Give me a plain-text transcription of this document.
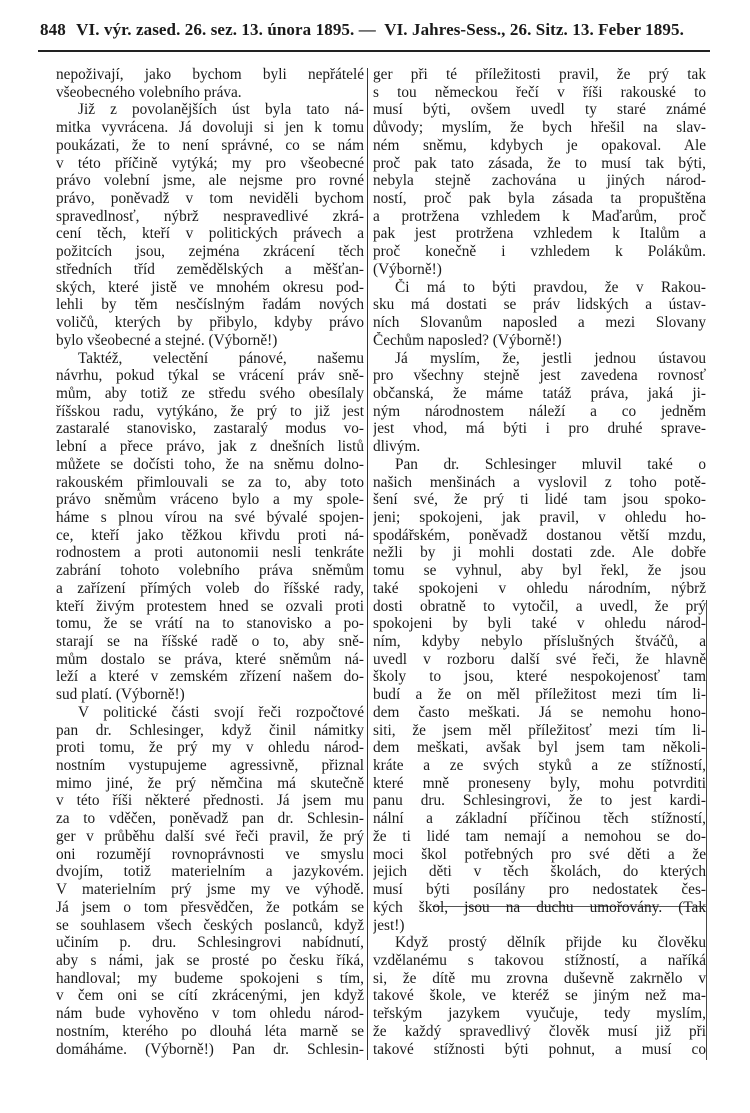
848 VI. výr. zased. 26. sez. 13. února 1895. — VI. Jahres-Sess., 26. Sitz. 13. Feber 1895.
nepoživají, jako bychom byli nepřátelé
všeobecného volebního práva.
Již z povolanějších úst byla tato ná-
mitka vyvrácena. Já dovoluji si jen k tomu
poukázati, že to není správné, co se nám
v této příčině vytýká; my pro všeobecné
právo volební jsme, ale nejsme pro rovné
právo, poněvadž v tom neviděli bychom
spravedlnosť, nýbrž nespravedlivé zkrá-
cení těch, kteří v politických právech a
požitcích jsou, zejména zkrácení těch
středních tříd zemědělských a měšťan-
ských, které jistě ve mnohém okresu pod-
lehli by těm nesčíslným řadám nových
voličů, kterých by přibylo, kdyby právo
bylo všeobecné a stejné. (Výborně!)
Taktéž, velectění pánové, našemu
návrhu, pokud týkal se vrácení práv sně-
mům, aby totiž ze středu svého obesílaly
říšskou radu, vytýkáno, že prý to již jest
zastaralé stanovisko, zastaralý modus vo-
lební a přece právo, jak z dnešních listů
můžete se dočísti toho, že na sněmu dolno-
rakouském přimlouvali se za to, aby toto
právo sněmům vráceno bylo a my spole-
háme s plnou vírou na své bývalé spojen-
ce, kteří jako těžkou křivdu proti ná-
rodnostem a proti autonomii nesli tenkráte
zabrání tohoto volebního práva sněmům
a zařízení přímých voleb do říšské rady,
kteří živým protestem hned se ozvali proti
tomu, že se vrátí na to stanovisko a po-
starají se na říšské radě o to, aby sně-
mům dostalo se práva, které sněmům ná-
leží a které v zemském zřízení našem do-
sud platí. (Výborně!)
V politické části svojí řeči rozpočtové
pan dr. Schlesinger, když činil námitky
proti tomu, že prý my v ohledu národ-
nostním vystupujeme agressivně, přiznal
mimo jiné, že prý němčina má skutečně
v této říši některé přednosti. Já jsem mu
za to vděčen, poněvadž pan dr. Schlesin-
ger v průběhu další své řeči pravil, že prý
oni rozumějí rovnoprávnosti ve smyslu
dvojím, totiž materielním a jazykovém.
V materielním prý jsme my ve výhodě.
Já jsem o tom přesvědčen, že potkám se
se souhlasem všech českých poslanců, když
učiním p. dru. Schlesingrovi nabídnutí,
aby s námi, jak se prosté po česku říká,
handloval; my budeme spokojeni s tím,
v čem oni se cítí zkrácenými, jen když
nám bude vyhověno v tom ohledu národ-
nostním, kterého po dlouhá léta marně se
domáháme. (Výborně!) Pan dr. Schlesin-
ger při té příležitosti pravil, že prý tak
s tou německou řečí v říši rakouské to
musí býti, ovšem uvedl ty staré známé
důvody; myslím, že bych hřešil na slav-
ném sněmu, kdybych je opakoval. Ale
proč pak tato zásada, že to musí tak býti,
nebyla stejně zachována u jiných národ-
ností, proč pak byla zásada ta propuštěna
a protržena vzhledem k Maďarům, proč
pak jest protržena vzhledem k Italům a
proč konečně i vzhledem k Polákům.
(Výborně!)
Či má to býti pravdou, že v Rakou-
sku má dostati se práv lidských a ústav-
ních Slovanům naposled a mezi Slovany
Čechům naposled? (Výborně!)
Já myslím, že, jestli jednou ústavou
pro všechny stejně jest zavedena rovnosť
občanská, že máme tatáž práva, jaká ji-
ným národnostem náleží a co jedněm
jest vhod, má býti i pro druhé sprave-
dlivým.
Pan dr. Schlesinger mluvil také o
našich menšinách a vyslovil z toho potě-
šení své, že prý ti lidé tam jsou spoko-
jeni; spokojeni, jak pravil, v ohledu ho-
spodářském, poněvadž dostanou větší mzdu,
nežli by ji mohli dostati zde. Ale dobře
tomu se vyhnul, aby byl řekl, že jsou
také spokojeni v ohledu národním, nýbrž
dosti obratně to vytočil, a uvedl, že prý
spokojeni by byli také v ohledu národ-
ním, kdyby nebylo příslušných štváčů, a
uvedl v rozboru další své řeči, že hlavně
školy to jsou, které nespokojenosť tam
budí a že on měl příležitost mezi tím li-
dem často meškati. Já se nemohu hono-
siti, že jsem měl příležitosť mezi tím li-
dem meškati, avšak byl jsem tam několi-
kráte a ze svých styků a ze stížností,
které mně proneseny byly, mohu potvrditi
panu dru. Schlesingrovi, že to jest kardi-
nální a základní příčinou těch stížností,
že ti lidé tam nemají a nemohou se do-
moci škol potřebných pro své děti a že
jejich děti v těch školách, do kterých
musí býti posílány pro nedostatek čes-
kých škol, jsou na duchu umořovány. (Tak
jest!)
Když prostý dělník přijde ku člověku
vzdělanému s takovou stížností, a naříká
si, že dítě mu zrovna duševně zakrnělo v
takové škole, ve kteréž se jiným než ma-
teřským jazykem vyučuje, tedy myslím,
že každý spravedlivý člověk musí již při
takové stížnosti býti pohnut, a musí co
